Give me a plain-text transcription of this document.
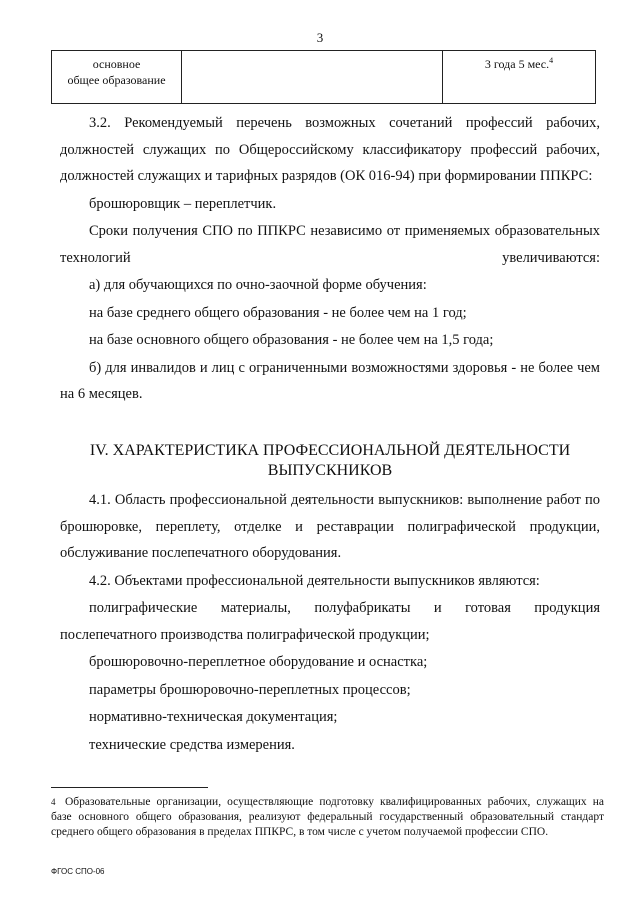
3
основное
общее образование
		3 года 5 мес.$^4$

3.2. Рекомендуемый перечень возможных сочетаний профессий рабочих, должностей служащих по Общероссийскому классификатору профессий рабочих, должностей служащих и тарифных разрядов (ОК 016-94) при формировании ППКРС:

брошюровщик – переплетчик.

Сроки получения СПО по ППКРС независимо от применяемых образовательных технологий увеличиваются:

а) для обучающихся по очно-заочной форме обучения:

на базе среднего общего образования - не более чем на 1 год;

на базе основного общего образования - не более чем на 1,5 года;

б) для инвалидов и лиц с ограниченными возможностями здоровья - не более чем на 6 месяцев.

IV. ХАРАКТЕРИСТИКА ПРОФЕССИОНАЛЬНОЙ ДЕЯТЕЛЬНОСТИ
ВЫПУСКНИКОВ

4.1. Область профессиональной деятельности выпускников: выполнение работ по брошюровке, переплету, отделке и реставрации полиграфической продукции, обслуживание послепечатного оборудования.

4.2. Объектами профессиональной деятельности выпускников являются:

полиграфические материалы, полуфабрикаты и готовая продукция

послепечатного производства полиграфической продукции;

брошюровочно-переплетное оборудование и оснастка;

параметры брошюровочно-переплетных процессов;

нормативно-техническая документация;

технические средства измерения.

4 Образовательные организации, осуществляющие подготовку квалифицированных рабочих, служащих на базе основного общего образования, реализуют федеральный государственный образовательный стандарт среднего общего образования в пределах ППКРС, в том числе с учетом получаемой профессии СПО.
ФГОС СПО-06
